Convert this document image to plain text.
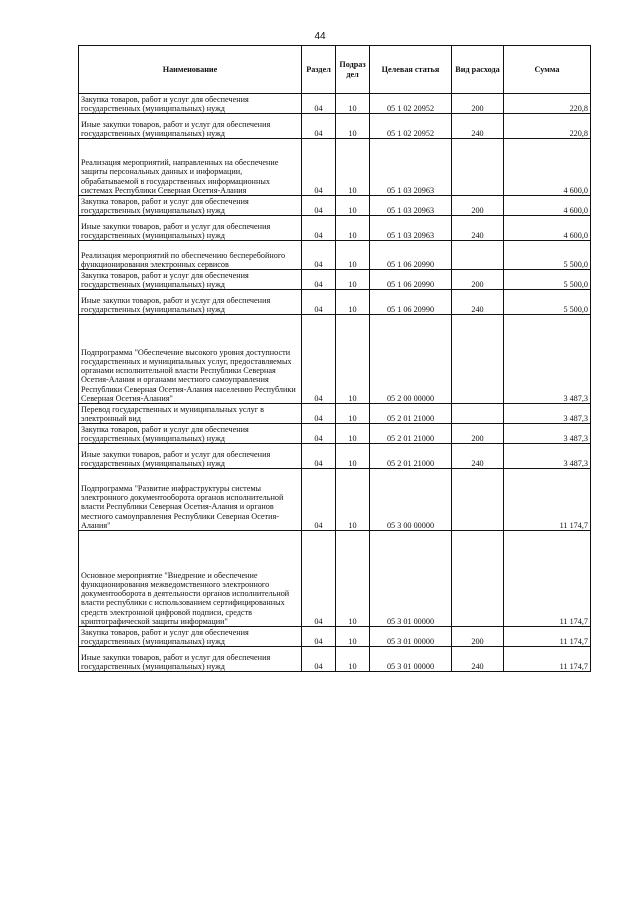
44
Наименование	Раздел	Подраз дел	Целевая статья	Вид расхода	Сумма
Закупка товаров, работ и услуг для обеспечения государственных (муниципальных) нужд	04	10	05 1 02 20952	200	220,8
Иные закупки товаров, работ и услуг для обеспечения государственных (муниципальных) нужд	04	10	05 1 02 20952	240	220,8
Реализация мероприятий, направленных на обеспечение защиты персональных данных и информации, обрабатываемой в государственных информационных системах Республики Северная Осетия-Алания	04	10	05 1 03 20963		4 600,0
Закупка товаров, работ и услуг для обеспечения государственных (муниципальных) нужд	04	10	05 1 03 20963	200	4 600,0
Иные закупки товаров, работ и услуг для обеспечения государственных (муниципальных) нужд	04	10	05 1 03 20963	240	4 600,0
Реализация мероприятий по обеспечению бесперебойного функционирования электронных сервисов	04	10	05 1 06 20990		5 500,0
Закупка товаров, работ и услуг для обеспечения государственных (муниципальных) нужд	04	10	05 1 06 20990	200	5 500,0
Иные закупки товаров, работ и услуг для обеспечения государственных (муниципальных) нужд	04	10	05 1 06 20990	240	5 500,0
Подпрограмма "Обеспечение высокого уровня доступности государственных и муниципальных услуг, предоставляемых органами исполнительной власти Республики Северная Осетия-Алания и органами местного самоуправления Республики Северная Осетия-Алания населению Республики Северная Осетия-Алания"	04	10	05 2 00 00000		3 487,3
Перевод государственных и муниципальных услуг в электронный вид	04	10	05 2 01 21000		3 487,3
Закупка товаров, работ и услуг для обеспечения государственных (муниципальных) нужд	04	10	05 2 01 21000	200	3 487,3
Иные закупки товаров, работ и услуг для обеспечения государственных (муниципальных) нужд	04	10	05 2 01 21000	240	3 487,3
Подпрограмма "Развитие инфраструктуры системы электронного документооборота органов исполнительной власти Республики Северная Осетия-Алания и органов местного самоуправления Республики Северная Осетия-Алания"	04	10	05 3 00 00000		11 174,7
Основное мероприятие "Внедрение и обеспечение функционирования межведомственного электронного документооборота в деятельности органов исполнительной власти республики с использованием сертифицированных средств электронной цифровой подписи, средств криптографической защиты информации"	04	10	05 3 01 00000		11 174,7
Закупка товаров, работ и услуг для обеспечения государственных (муниципальных) нужд	04	10	05 3 01 00000	200	11 174,7
Иные закупки товаров, работ и услуг для обеспечения государственных (муниципальных) нужд	04	10	05 3 01 00000	240	11 174,7
